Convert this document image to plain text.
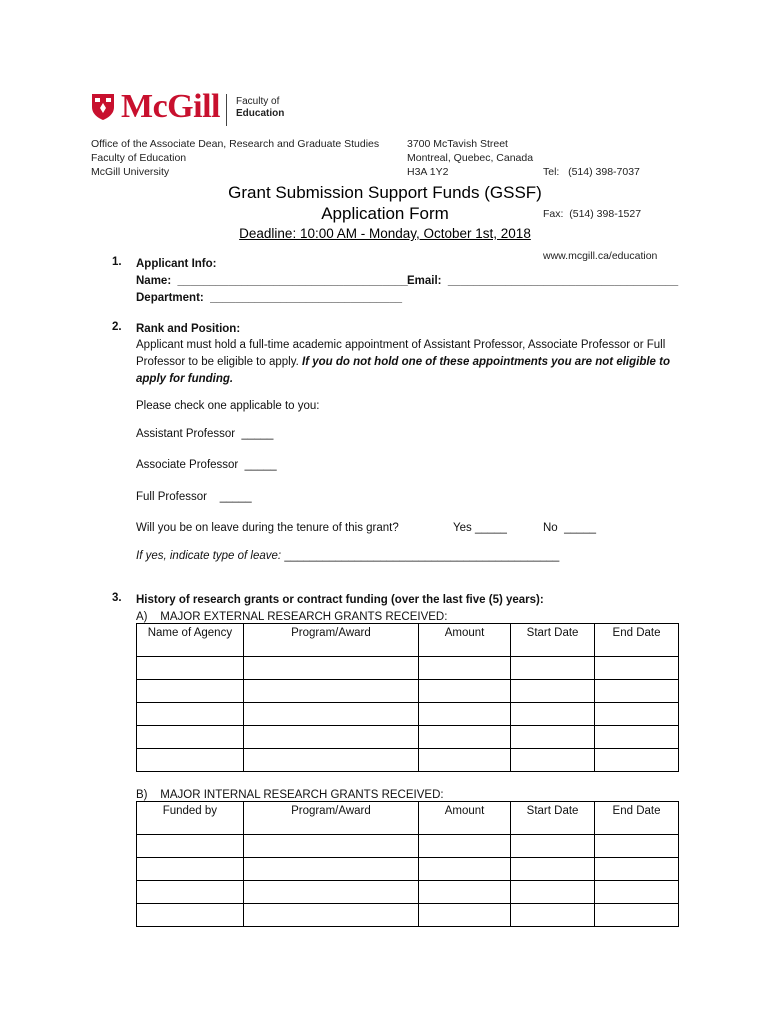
McGill Faculty of
Education
Office of the Associate Dean, Research and Graduate Studies
Faculty of Education
McGill University
3700 McTavish Street
Montreal, Quebec, Canada
H3A 1Y2

	Tel:   (514) 398-7037

Fax:  (514) 398-1527

www.mcgill.ca/education

Grant Submission Support Funds (GSSF)
Application Form
Deadline: 10:00 AM - Monday, October 1st, 2018
1. Applicant Info:
Name:  ____________________________________ Email:  ____________________________________
Department:  ______________________________
2. Rank and Position:
Applicant must hold a full-time academic appointment of Assistant Professor, Associate Professor or Full
Professor to be eligible to apply. If you do not hold one of these appointments you are not eligible to
apply for funding.
Please check one applicable to you:
Assistant Professor  _____
Associate Professor  _____
Full Professor    _____
Will you be on leave during the tenure of this grant?	Yes _____	No  _____
If yes, indicate type of leave: ___________________________________________
3. History of research grants or contract funding (over the last five (5) years):
A)    MAJOR EXTERNAL RESEARCH GRANTS RECEIVED:
Name of Agency	Program/Award	Amount	Start Date	End Date

B)    MAJOR INTERNAL RESEARCH GRANTS RECEIVED:
Funded by	Program/Award	Amount	Start Date	End Date
